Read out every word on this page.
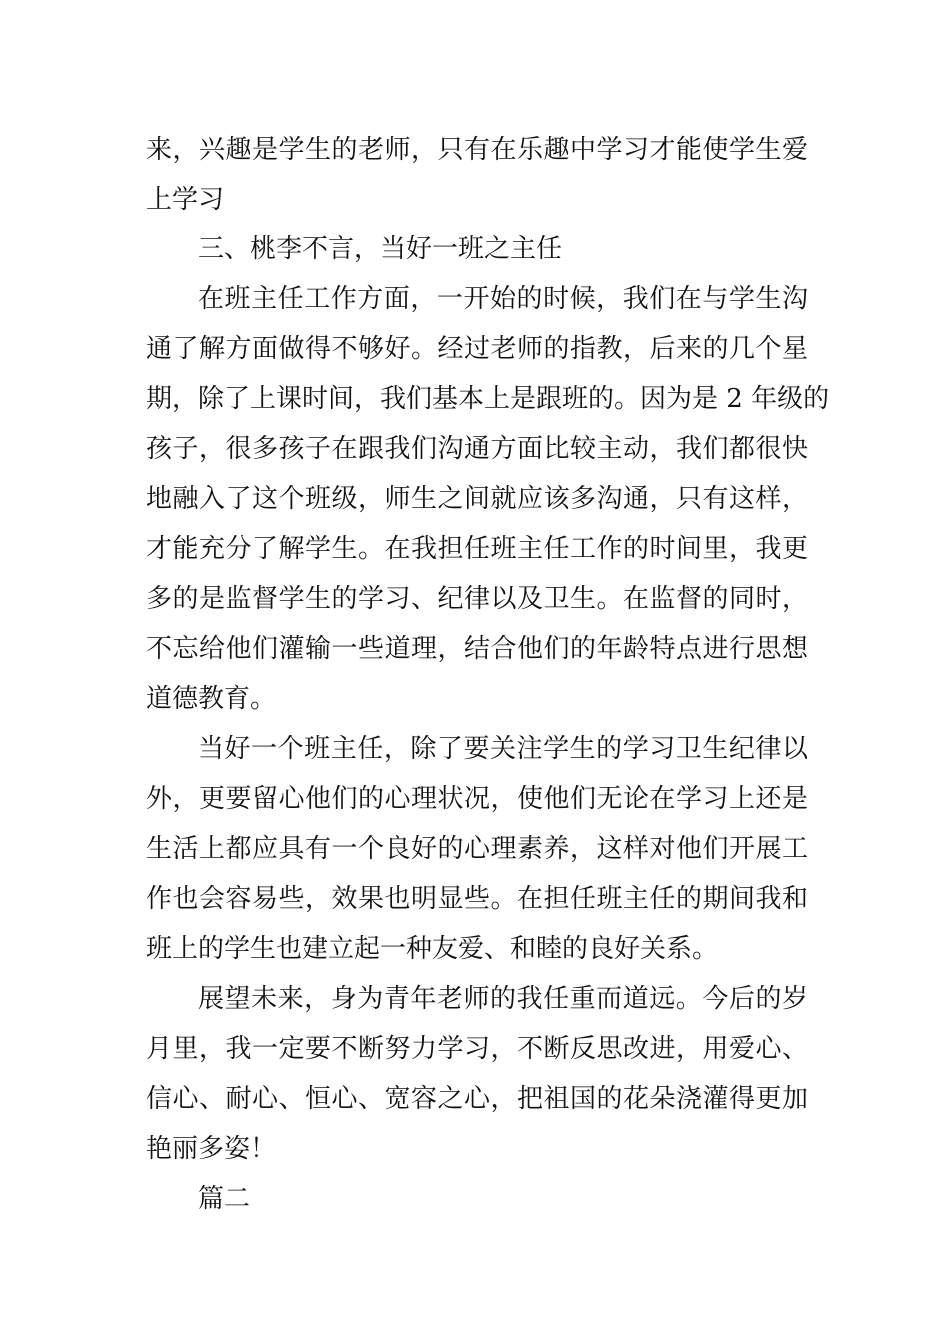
来，兴趣是学生的老师，只有在乐趣中学习才能使学生爱
上学习
三、桃李不言，当好一班之主任
在班主任工作方面，一开始的时候，我们在与学生沟
通了解方面做得不够好。经过老师的指教，后来的几个星
期，除了上课时间，我们基本上是跟班的。因为是 2 年级的
孩子，很多孩子在跟我们沟通方面比较主动，我们都很快
地融入了这个班级，师生之间就应该多沟通，只有这样，
才能充分了解学生。在我担任班主任工作的时间里，我更
多的是监督学生的学习、纪律以及卫生。在监督的同时，
不忘给他们灌输一些道理，结合他们的年龄特点进行思想
道德教育。
当好一个班主任，除了要关注学生的学习卫生纪律以
外，更要留心他们的心理状况，使他们无论在学习上还是
生活上都应具有一个良好的心理素养，这样对他们开展工
作也会容易些，效果也明显些。在担任班主任的期间我和
班上的学生也建立起一种友爱、和睦的良好关系。
展望未来，身为青年老师的我任重而道远。今后的岁
月里，我一定要不断努力学习，不断反思改进，用爱心、
信心、耐心、恒心、宽容之心，把祖国的花朵浇灌得更加
艳丽多姿！
篇二
